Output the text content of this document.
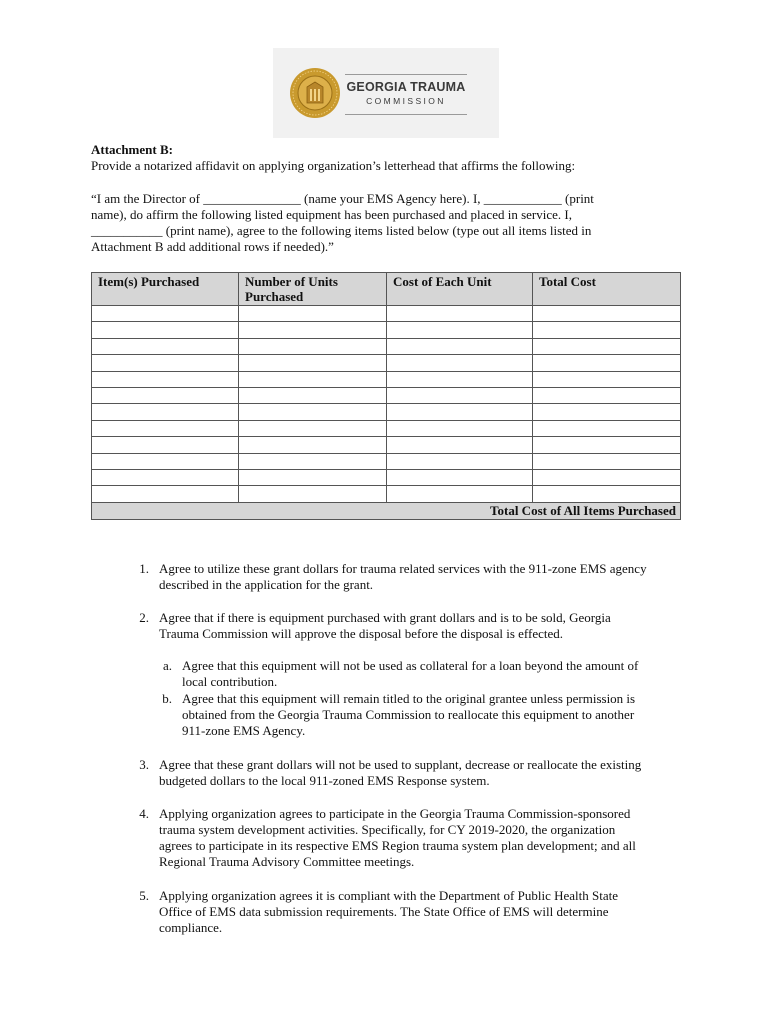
GEORGIA TRAUMA
COMMISSION
Attachment B:
Provide a notarized affidavit on applying organization’s letterhead that affirms the following:
“I am the Director of _______________ (name your EMS Agency here). I, ____________ (print
name), do affirm the following listed equipment has been purchased and placed in service. I,
___________ (print name), agree to the following items listed below (type out all items listed in
Attachment B add additional rows if needed).”
Item(s) Purchased	Number of Units Purchased	Cost of Each Unit	Total Cost

Total Cost of All Items Purchased			
1. Agree to utilize these grant dollars for trauma related services with the 911-zone EMS agency
described in the application for the grant.
2. Agree that if there is equipment purchased with grant dollars and is to be sold, Georgia
Trauma Commission will approve the disposal before the disposal is effected.
a. Agree that this equipment will not be used as collateral for a loan beyond the amount of
local contribution.
b. Agree that this equipment will remain titled to the original grantee unless permission is
obtained from the Georgia Trauma Commission to reallocate this equipment to another
911-zone EMS Agency.
3. Agree that these grant dollars will not be used to supplant, decrease or reallocate the existing
budgeted dollars to the local 911-zoned EMS Response system.
4. Applying organization agrees to participate in the Georgia Trauma Commission-sponsored
trauma system development activities. Specifically, for CY 2019-2020, the organization
agrees to participate in its respective EMS Region trauma system plan development; and all
Regional Trauma Advisory Committee meetings.
5. Applying organization agrees it is compliant with the Department of Public Health State
Office of EMS data submission requirements. The State Office of EMS will determine
compliance.
